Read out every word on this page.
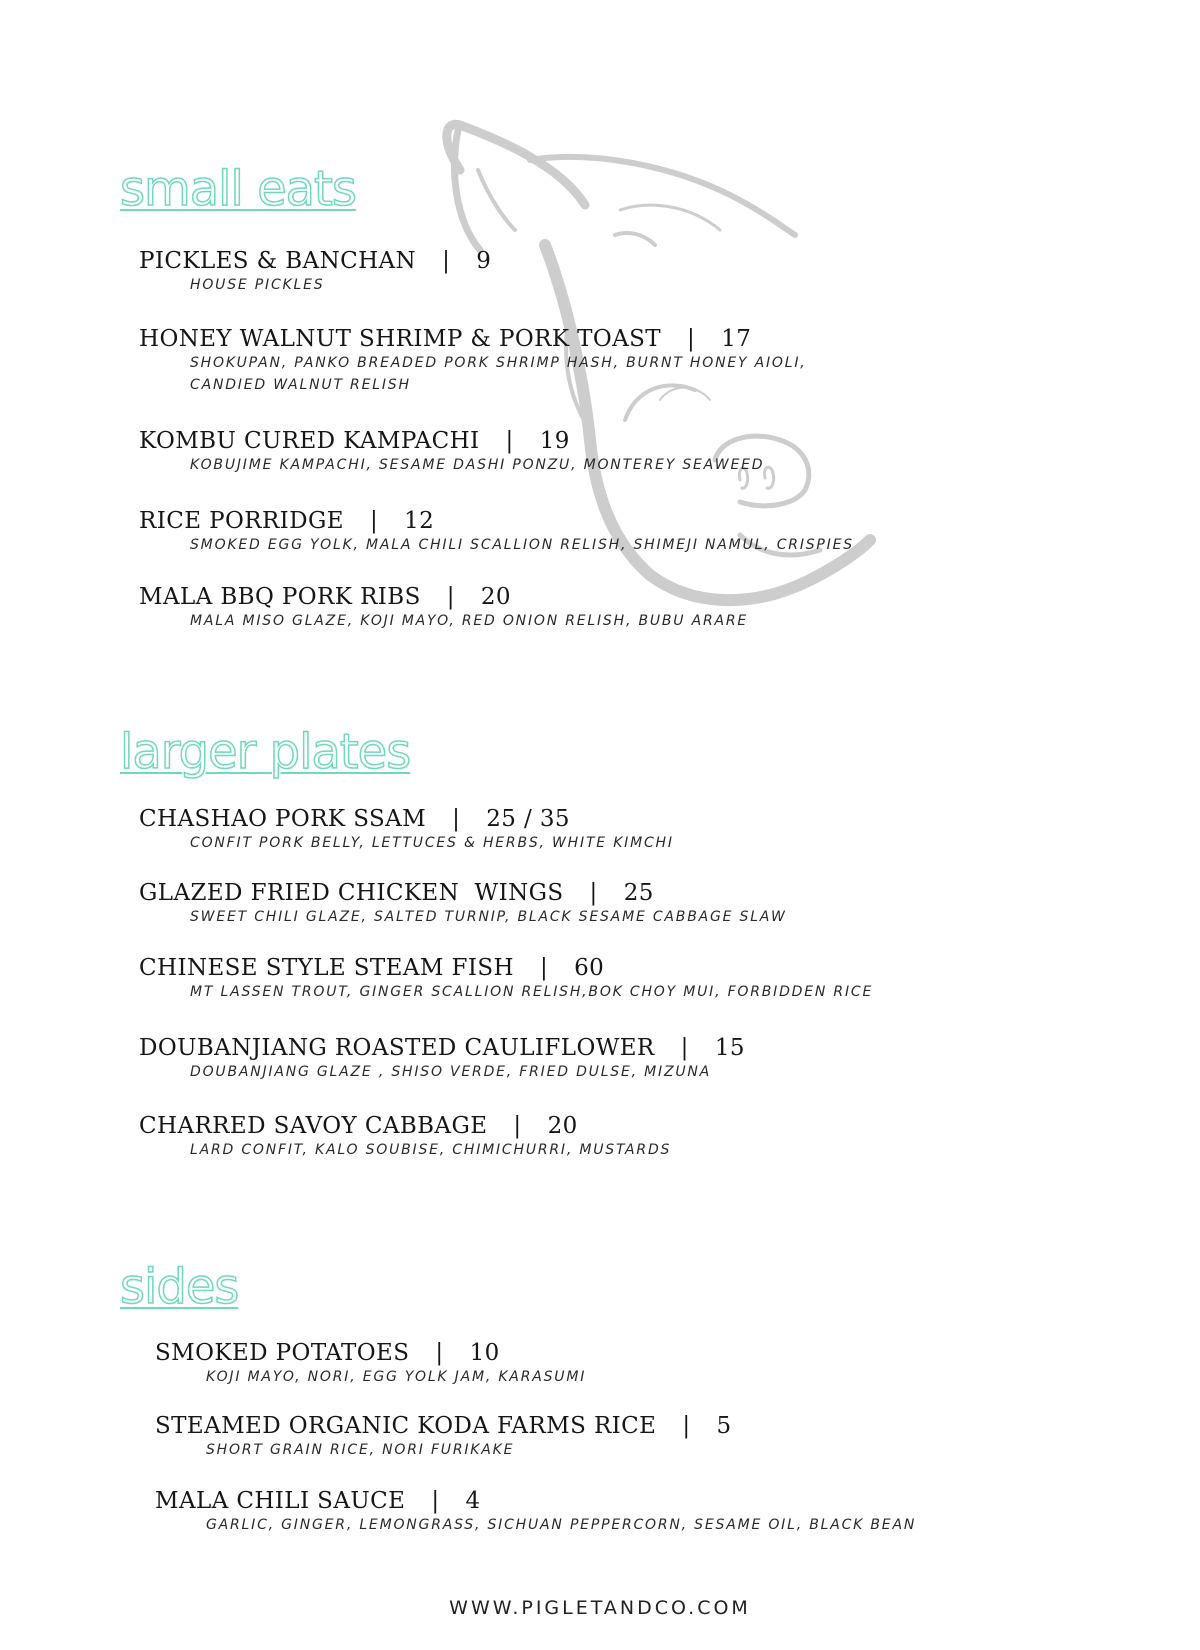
small eats
PICKLES & BANCHAN | 9
HOUSE PICKLES
HONEY WALNUT SHRIMP & PORK TOAST | 17
SHOKUPAN, PANKO BREADED PORK SHRIMP HASH, BURNT HONEY AIOLI,
CANDIED WALNUT RELISH
KOMBU CURED KAMPACHI | 19
KOBUJIME KAMPACHI, SESAME DASHI PONZU, MONTEREY SEAWEED
RICE PORRIDGE | 12
SMOKED EGG YOLK, MALA CHILI SCALLION RELISH, SHIMEJI NAMUL, CRISPIES
MALA BBQ PORK RIBS | 20
MALA MISO GLAZE, KOJI MAYO, RED ONION RELISH, BUBU ARARE
larger plates
CHASHAO PORK SSAM | 25 / 35
CONFIT PORK BELLY, LETTUCES & HERBS, WHITE KIMCHI
GLAZED FRIED CHICKEN  WINGS | 25
SWEET CHILI GLAZE, SALTED TURNIP, BLACK SESAME CABBAGE SLAW
CHINESE STYLE STEAM FISH | 60
MT LASSEN TROUT, GINGER SCALLION RELISH,BOK CHOY MUI, FORBIDDEN RICE
DOUBANJIANG ROASTED CAULIFLOWER | 15
DOUBANJIANG GLAZE , SHISO VERDE, FRIED DULSE, MIZUNA
CHARRED SAVOY CABBAGE | 20
LARD CONFIT, KALO SOUBISE, CHIMICHURRI, MUSTARDS
sides
SMOKED POTATOES | 10
KOJI MAYO, NORI, EGG YOLK JAM, KARASUMI
STEAMED ORGANIC KODA FARMS RICE | 5
SHORT GRAIN RICE, NORI FURIKAKE
MALA CHILI SAUCE | 4
GARLIC, GINGER, LEMONGRASS, SICHUAN PEPPERCORN, SESAME OIL, BLACK BEAN
WWW.PIGLETANDCO.COM
